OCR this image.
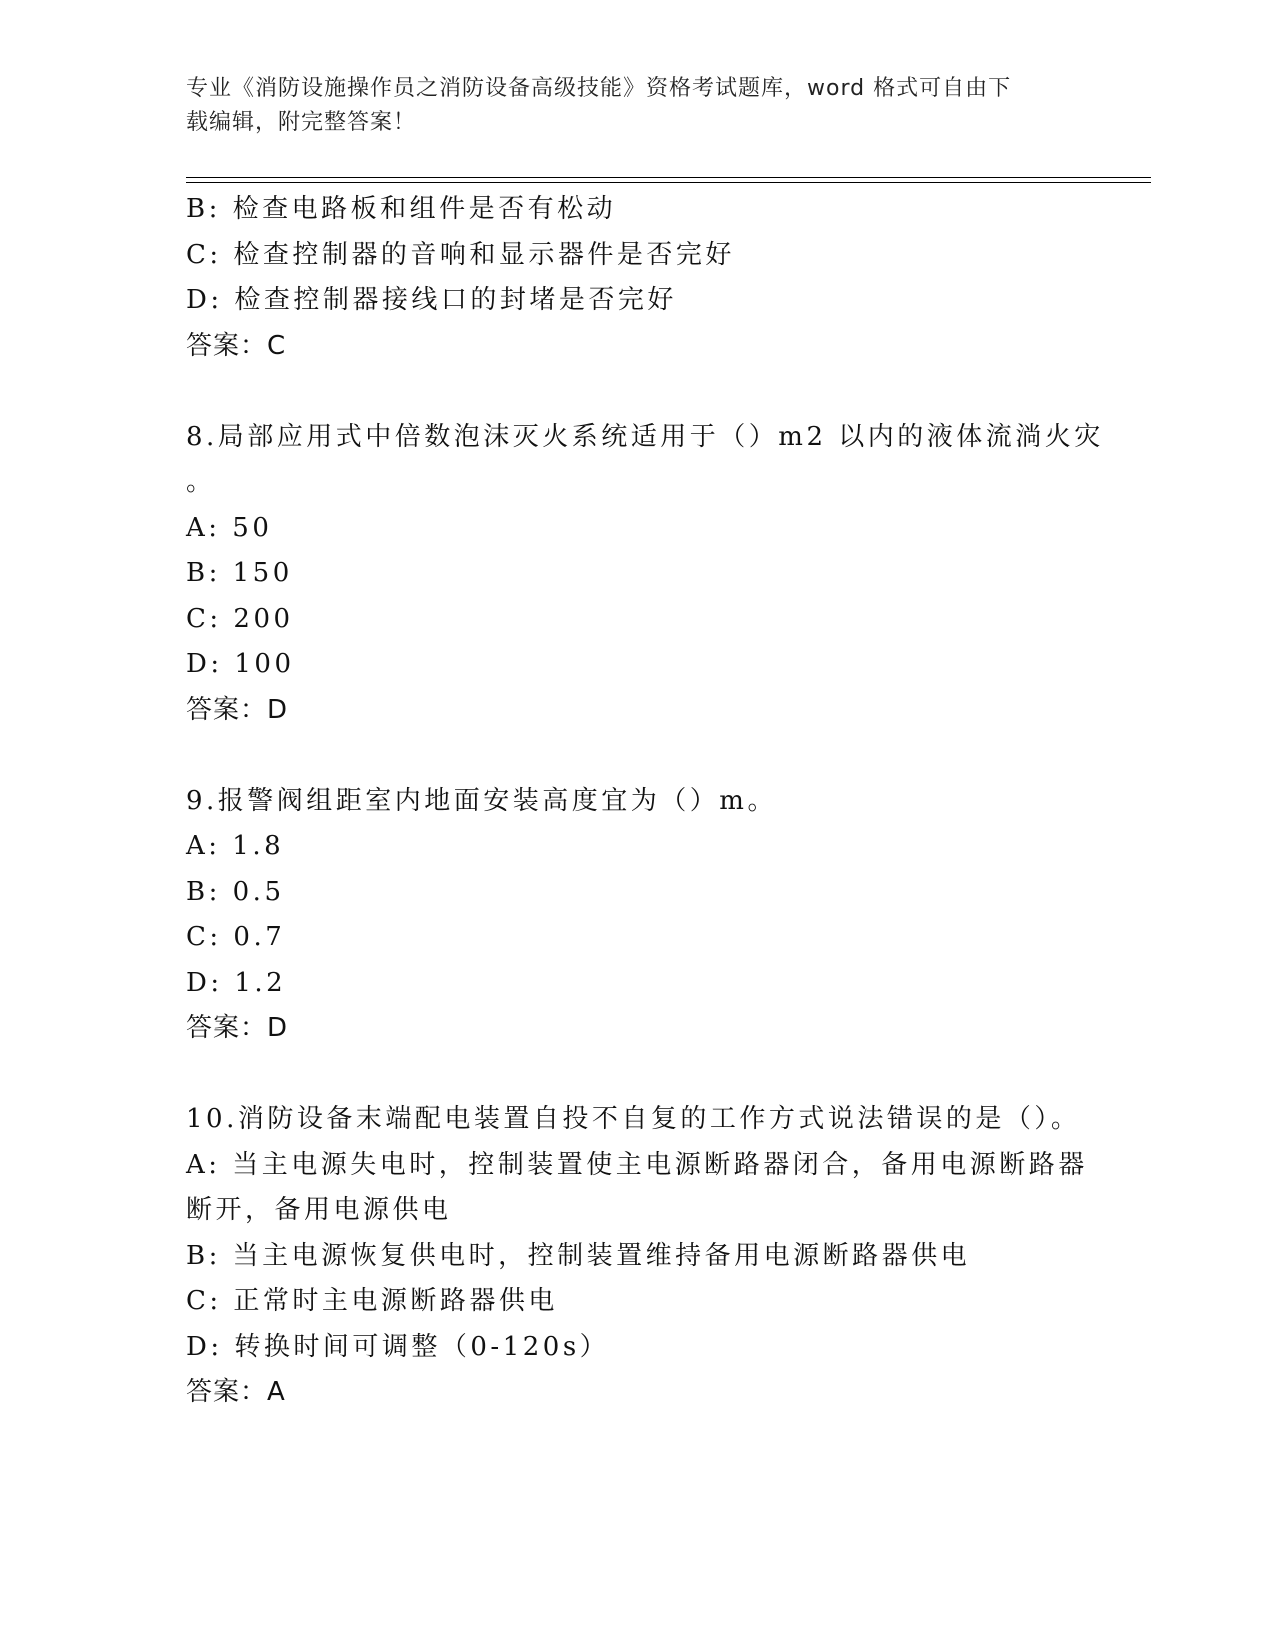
专业《消防设施操作员之消防设备高级技能》资格考试题库，word 格式可自由下
载编辑，附完整答案！
B: 检查电路板和组件是否有松动
C: 检查控制器的音响和显示器件是否完好
D: 检查控制器接线口的封堵是否完好
答案：C
8.局部应用式中倍数泡沫灭火系统适用于（）m2 以内的液体流淌火灾
。
A: 50
B: 150
C: 200
D: 100
答案：D
9.报警阀组距室内地面安装高度宜为（）m。
A: 1.8
B: 0.5
C: 0.7
D: 1.2
答案：D
10.消防设备末端配电装置自投不自复的工作方式说法错误的是（）。
A: 当主电源失电时，控制装置使主电源断路器闭合，备用电源断路器
断开，备用电源供电
B: 当主电源恢复供电时，控制装置维持备用电源断路器供电
C: 正常时主电源断路器供电
D: 转换时间可调整（0-120s）
答案：A
